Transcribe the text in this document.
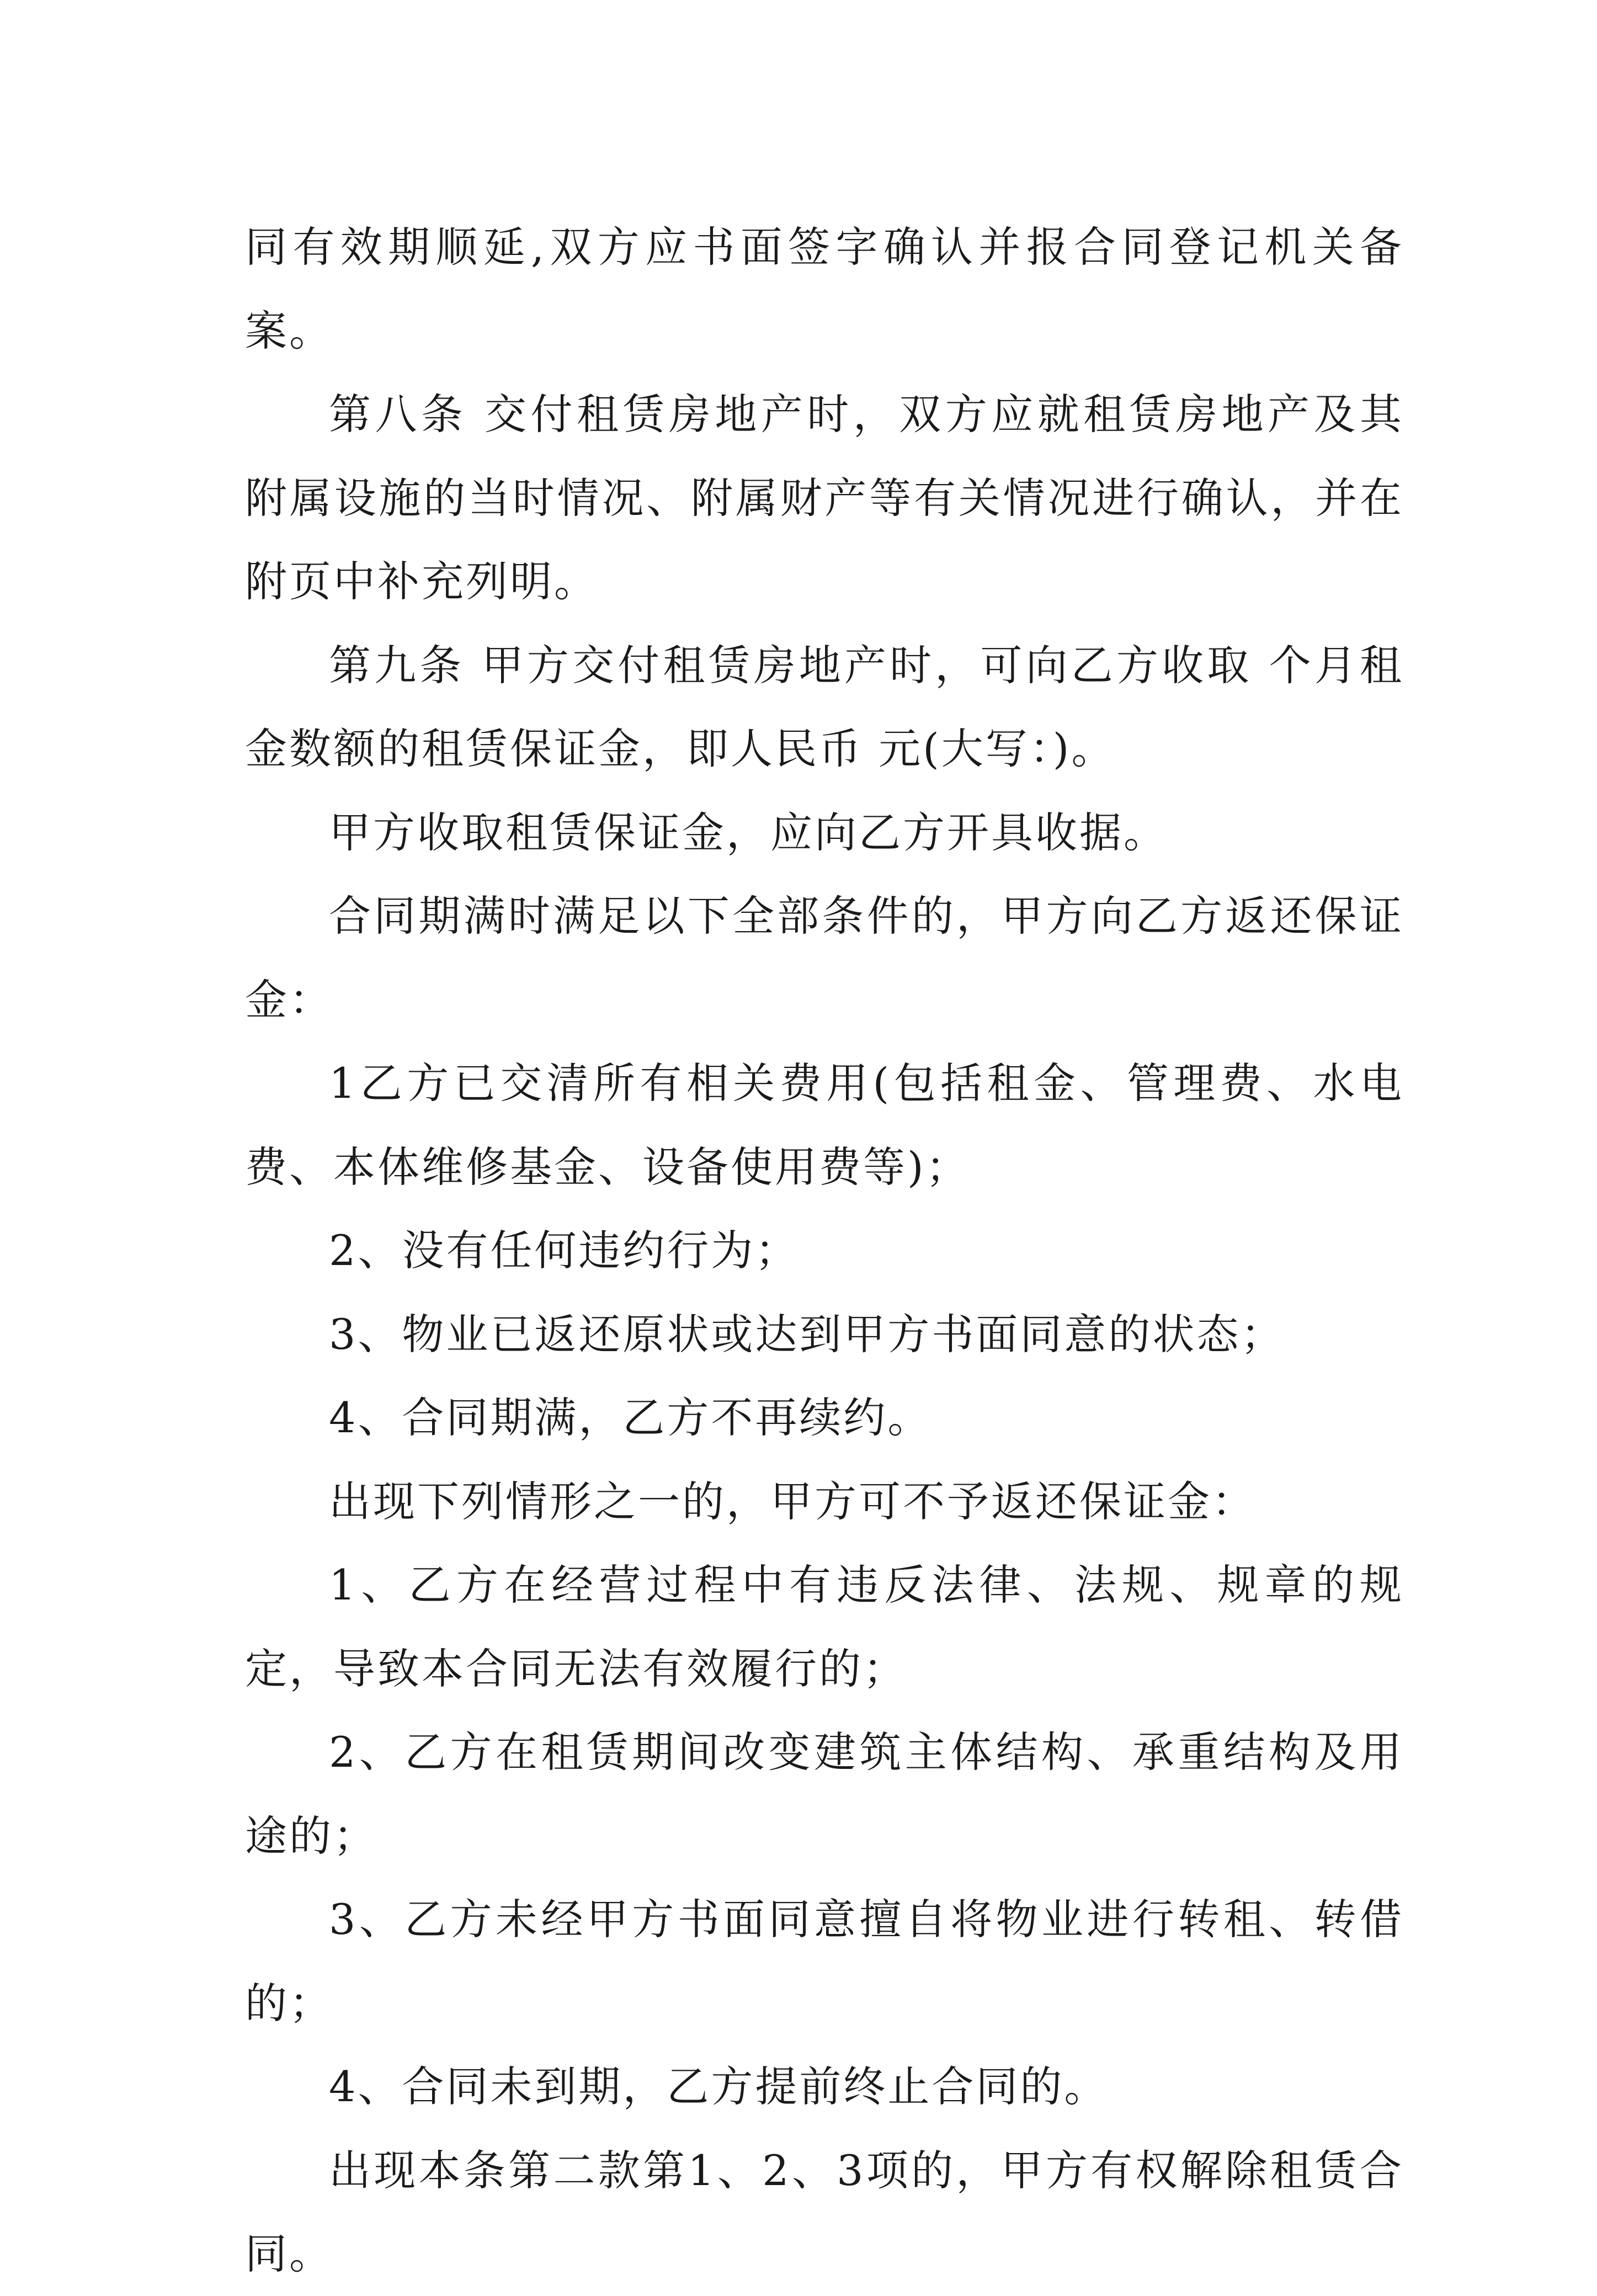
同有效期顺延,双方应书面签字确认并报合同登记机关备案。

第八条 交付租赁房地产时，双方应就租赁房地产及其附属设施的当时情况、附属财产等有关情况进行确认，并在附页中补充列明。

第九条 甲方交付租赁房地产时，可向乙方收取 个月租金数额的租赁保证金，即人民币 元(大写：)。

甲方收取租赁保证金，应向乙方开具收据。

合同期满时满足以下全部条件的，甲方向乙方返还保证金：

1乙方已交清所有相关费用(包括租金、管理费、水电费、本体维修基金、设备使用费等)；

2、没有任何违约行为；

3、物业已返还原状或达到甲方书面同意的状态；

4、合同期满，乙方不再续约。

出现下列情形之一的，甲方可不予返还保证金：

1、乙方在经营过程中有违反法律、法规、规章的规定，导致本合同无法有效履行的；

2、乙方在租赁期间改变建筑主体结构、承重结构及用途的；

3、乙方未经甲方书面同意擅自将物业进行转租、转借的；

4、合同未到期，乙方提前终止合同的。

出现本条第二款第1、2、3项的，甲方有权解除租赁合同。
